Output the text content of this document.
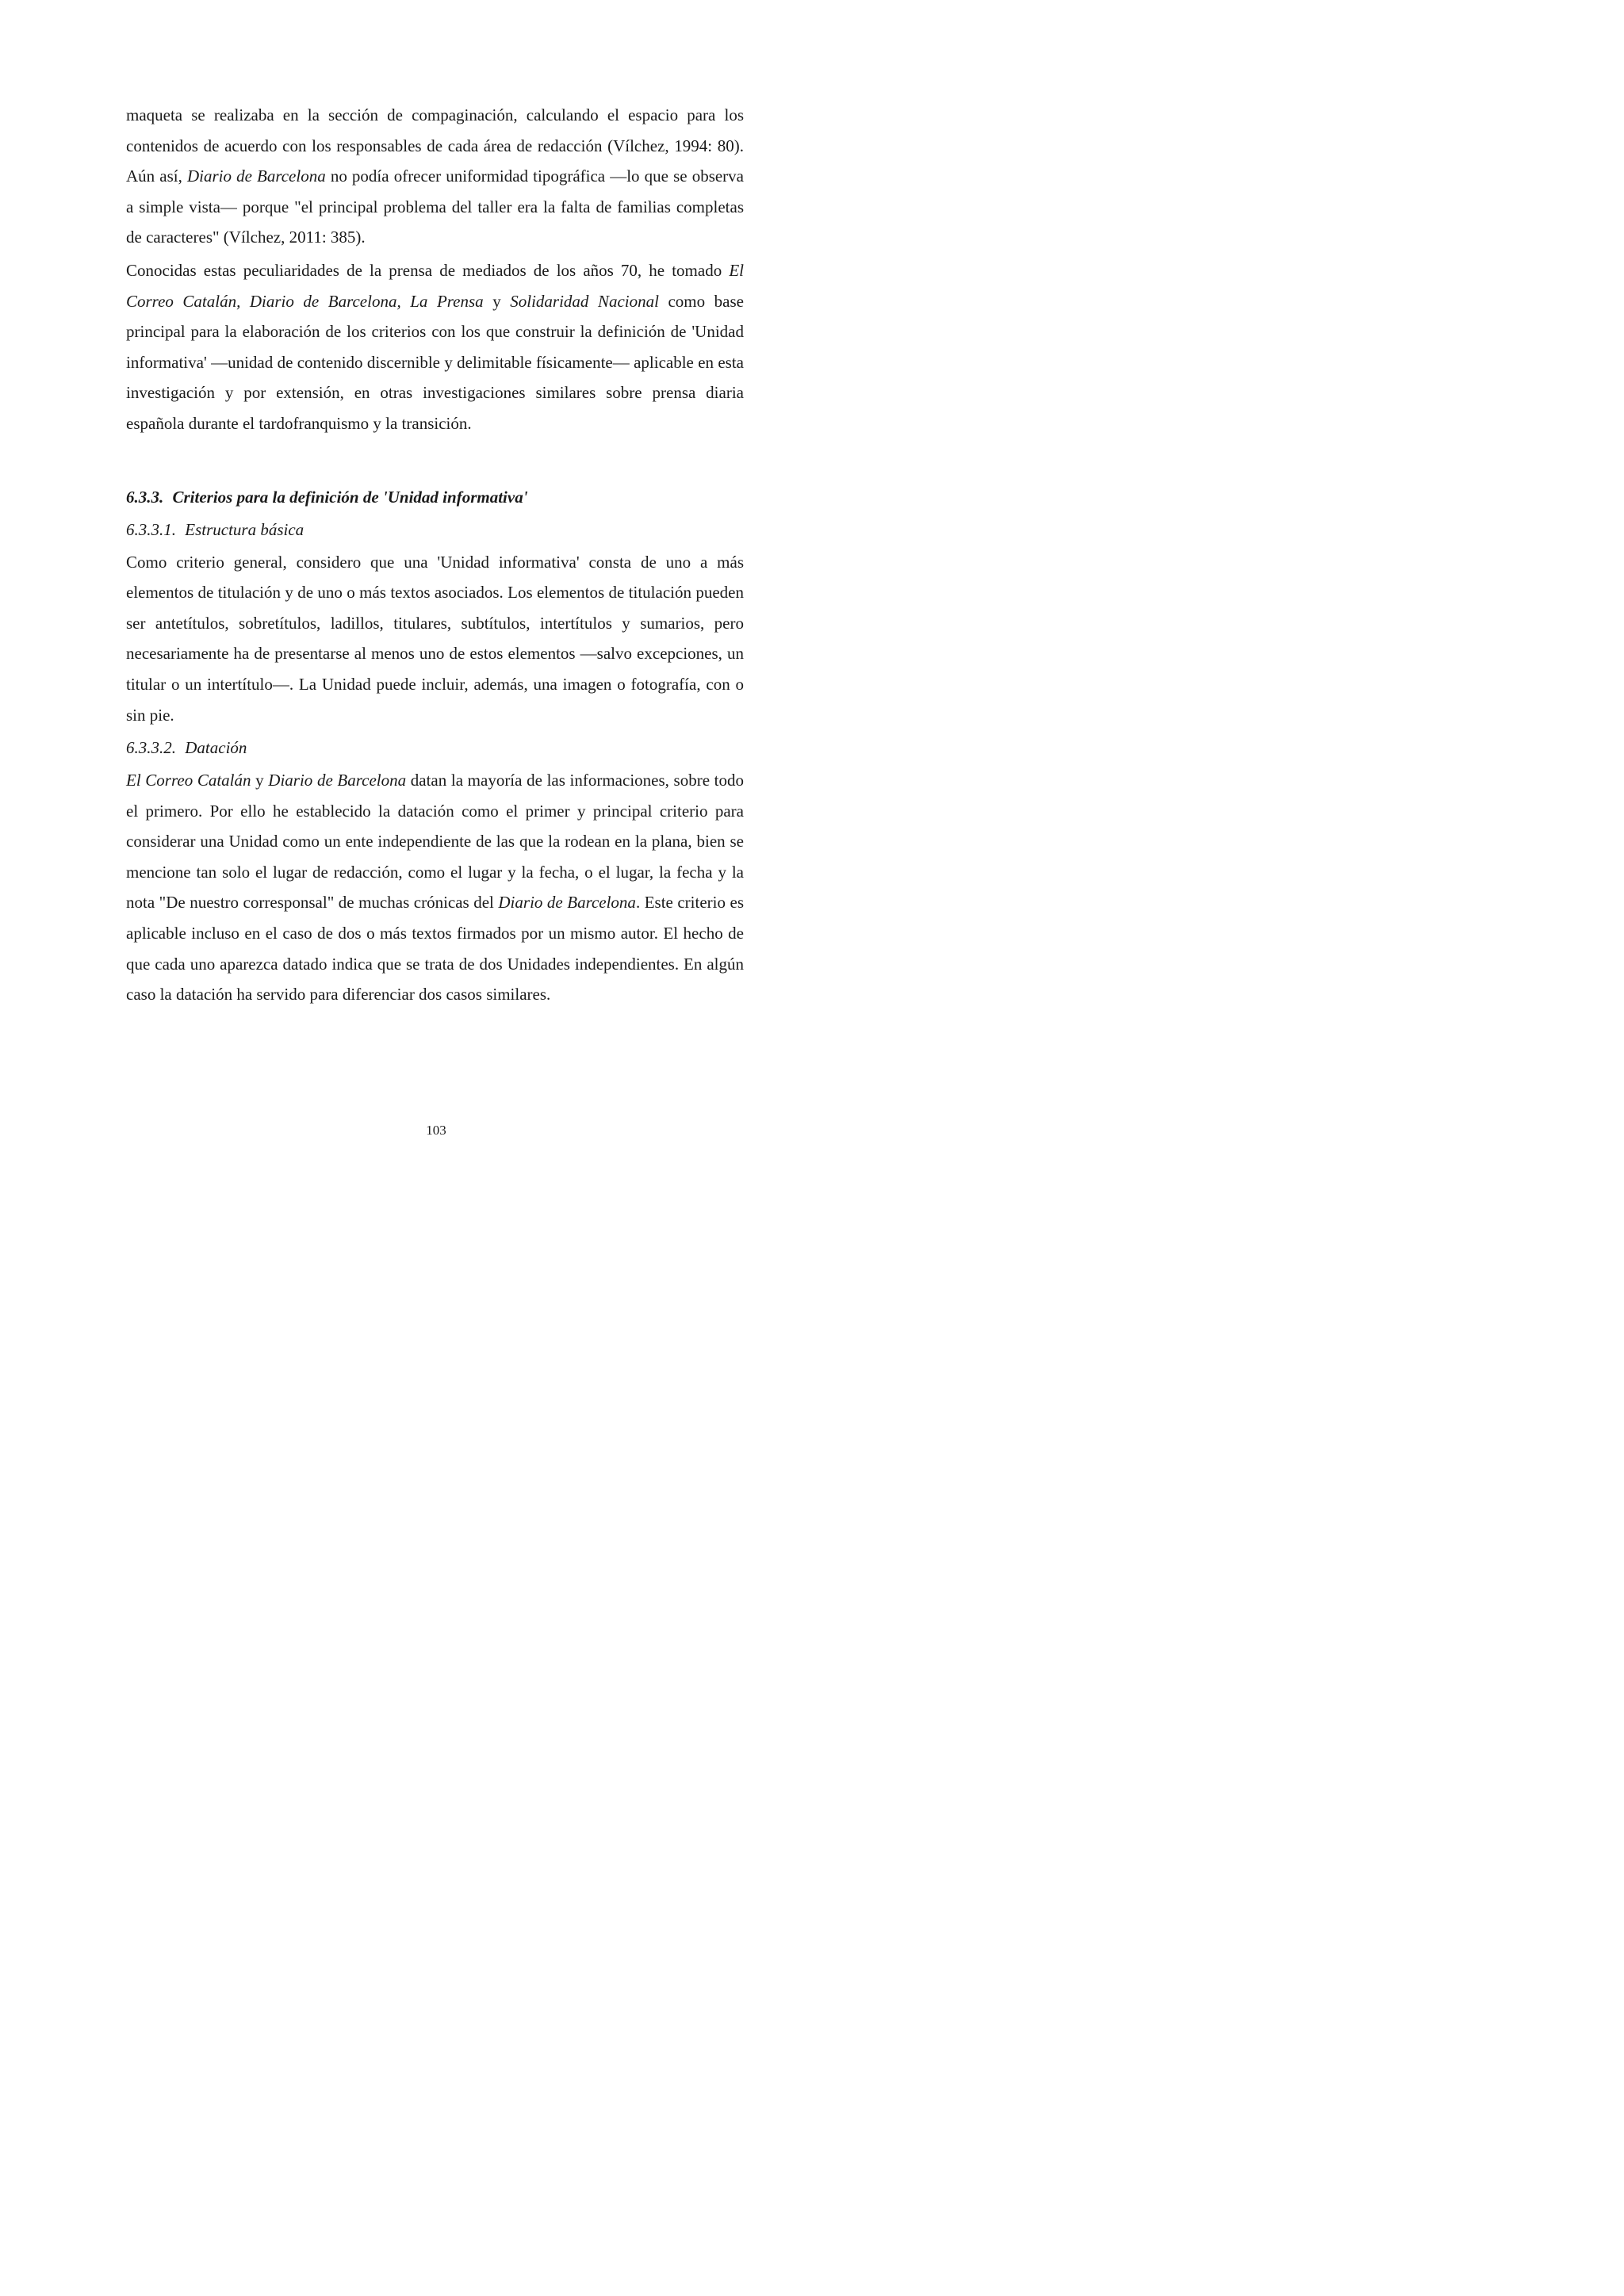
maqueta se realizaba en la sección de compaginación, calculando el espacio para los contenidos de acuerdo con los responsables de cada área de redacción (Vílchez, 1994: 80). Aún así, Diario de Barcelona no podía ofrecer uniformidad tipográfica —lo que se observa a simple vista— porque "el principal problema del taller era la falta de familias completas de caracteres" (Vílchez, 2011: 385).

Conocidas estas peculiaridades de la prensa de mediados de los años 70, he tomado El Correo Catalán, Diario de Barcelona, La Prensa y Solidaridad Nacional como base principal para la elaboración de los criterios con los que construir la definición de 'Unidad informativa' —unidad de contenido discernible y delimitable físicamente— aplicable en esta investigación y por extensión, en otras investigaciones similares sobre prensa diaria española durante el tardofranquismo y la transición.

6.3.3. Criterios para la definición de 'Unidad informativa'
6.3.3.1. Estructura básica

Como criterio general, considero que una 'Unidad informativa' consta de uno a más elementos de titulación y de uno o más textos asociados. Los elementos de titulación pueden ser antetítulos, sobretítulos, ladillos, titulares, subtítulos, intertítulos y sumarios, pero necesariamente ha de presentarse al menos uno de estos elementos —salvo excepciones, un titular o un intertítulo—. La Unidad puede incluir, además, una imagen o fotografía, con o sin pie.

6.3.3.2. Datación

El Correo Catalán y Diario de Barcelona datan la mayoría de las informaciones, sobre todo el primero. Por ello he establecido la datación como el primer y principal criterio para considerar una Unidad como un ente independiente de las que la rodean en la plana, bien se mencione tan solo el lugar de redacción, como el lugar y la fecha, o el lugar, la fecha y la nota "De nuestro corresponsal" de muchas crónicas del Diario de Barcelona. Este criterio es aplicable incluso en el caso de dos o más textos firmados por un mismo autor. El hecho de que cada uno aparezca datado indica que se trata de dos Unidades independientes. En algún caso la datación ha servido para diferenciar dos casos similares.

103
